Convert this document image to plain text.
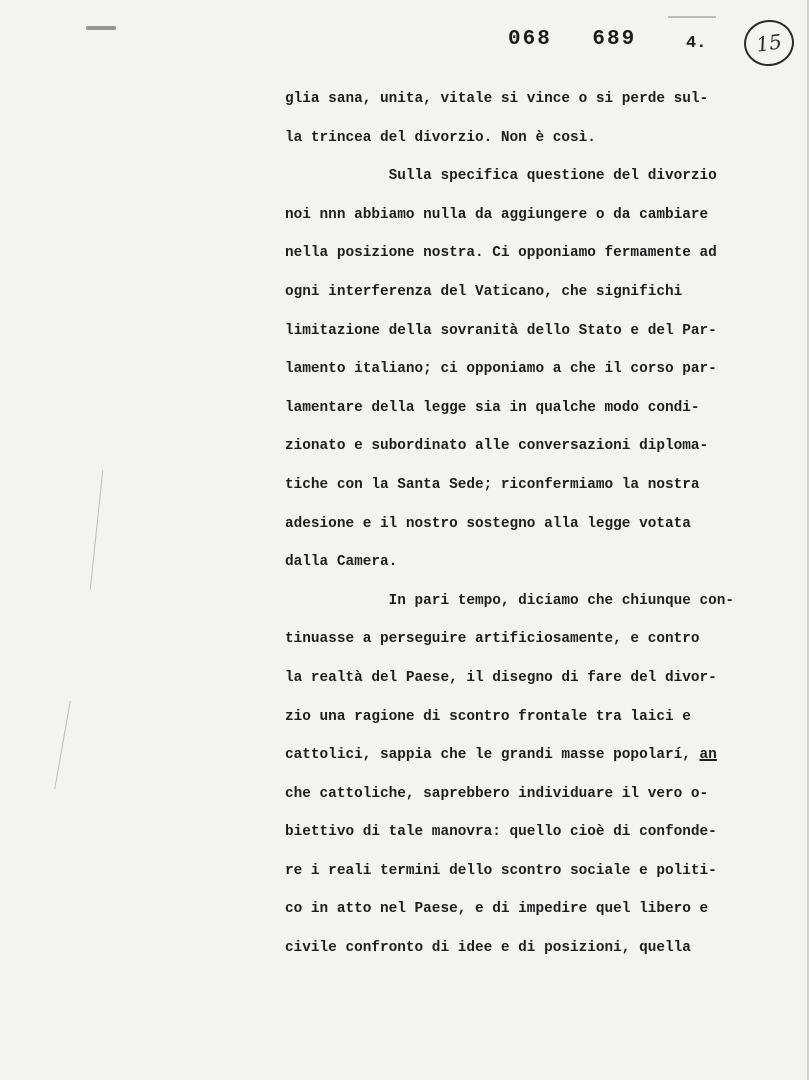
068 689	4.	15
glia sana, unita, vitale si vince o si perde sul-
la trincea del divorzio. Non è così.
Sulla specifica questione del divorzio
noi nnn abbiamo nulla da aggiungere o da cambiare
nella posizione nostra. Ci opponiamo fermamente ad
ogni interferenza del Vaticano, che significhi
limitazione della sovranità dello Stato e del Par-
lamento italiano; ci opponiamo a che il corso par-
lamentare della legge sia in qualche modo condi-
zionato e subordinato alle conversazioni diploma-
tiche con la Santa Sede; riconfermiamo la nostra
adesione e il nostro sostegno alla legge votata
dalla Camera.
In pari tempo, diciamo che chiunque con-
tinuasse a perseguire artificiosamente, e contro
la realtà del Paese, il disegno di fare del divor-
zio una ragione di scontro frontale tra laici e
cattolici, sappia che le grandi masse popolarí, an
che cattoliche, saprebbero individuare il vero o-
biettivo di tale manovra: quello cioè di confonde-
re i reali termini dello scontro sociale e politi-
co in atto nel Paese, e di impedire quel libero e
civile confronto di idee e di posizioni, quella
